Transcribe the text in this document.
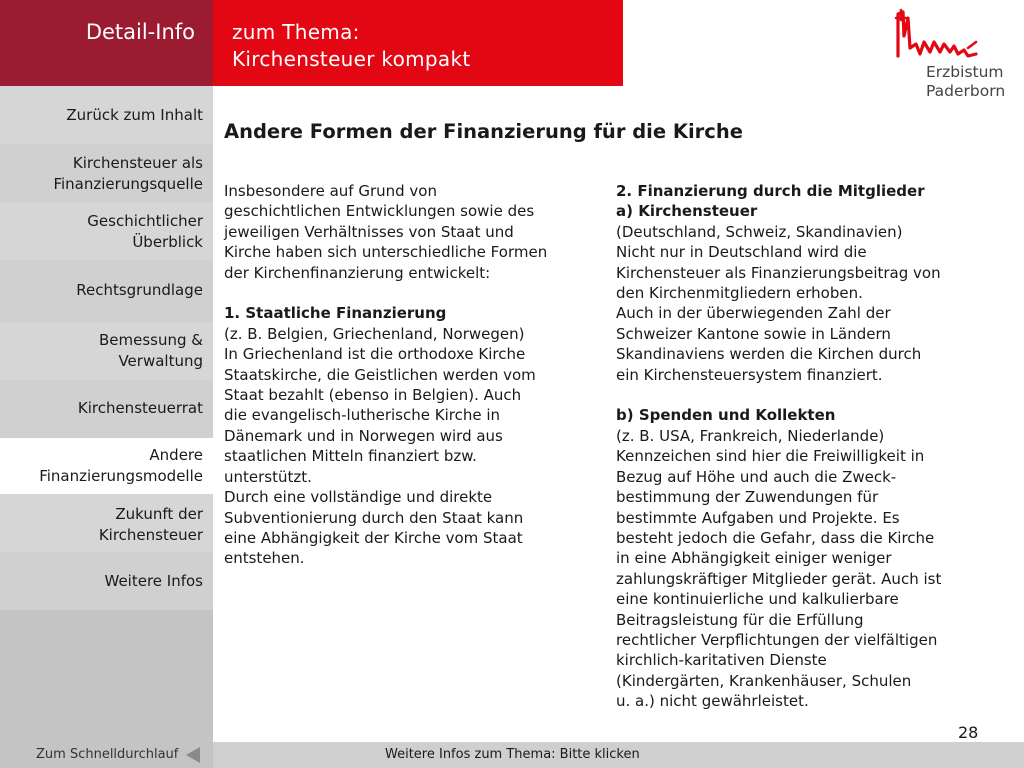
Detail-Info zum Thema:
Kirchensteuer kompakt
Erzbistum
Paderborn
Zurück zum Inhalt
Kirchensteuer als
Finanzierungsquelle
Geschichtlicher
Überblick
Rechtsgrundlage
Bemessung &
Verwaltung
Kirchensteuerrat
Andere
Finanzierungsmodelle
Zukunft der
Kirchensteuer
Weitere Infos
Andere Formen der Finanzierung für die Kirche
Insbesondere auf Grund von
geschichtlichen Entwicklungen sowie des
jeweiligen Verhältnisses von Staat und
Kirche haben sich unterschiedliche Formen
der Kirchenfinanzierung entwickelt:

1. Staatliche Finanzierung
(z. B. Belgien, Griechenland, Norwegen)
In Griechenland ist die orthodoxe Kirche
Staatskirche, die Geistlichen werden vom
Staat bezahlt (ebenso in Belgien). Auch
die evangelisch-lutherische Kirche in
Dänemark und in Norwegen wird aus
staatlichen Mitteln finanziert bzw.
unterstützt.
Durch eine vollständige und direkte
Subventionierung durch den Staat kann
eine Abhängigkeit der Kirche vom Staat
entstehen.
2. Finanzierung durch die Mitglieder
a) Kirchensteuer
(Deutschland, Schweiz, Skandinavien)
Nicht nur in Deutschland wird die
Kirchensteuer als Finanzierungsbeitrag von
den Kirchenmitgliedern erhoben.
Auch in der überwiegenden Zahl der
Schweizer Kantone sowie in Ländern
Skandinaviens werden die Kirchen durch
ein Kirchensteuersystem finanziert.

b) Spenden und Kollekten
(z. B. USA, Frankreich, Niederlande)
Kennzeichen sind hier die Freiwilligkeit in
Bezug auf Höhe und auch die Zweck-
bestimmung der Zuwendungen für
bestimmte Aufgaben und Projekte. Es
besteht jedoch die Gefahr, dass die Kirche
in eine Abhängigkeit einiger weniger
zahlungskräftiger Mitglieder gerät. Auch ist
eine kontinuierliche und kalkulierbare
Beitragsleistung für die Erfüllung
rechtlicher Verpflichtungen der vielfältigen
kirchlich-karitativen Dienste
(Kindergärten, Krankenhäuser, Schulen
u. a.) nicht gewährleistet.
28
Zum Schnelldurchlauf	Weitere Infos zum Thema: Bitte klicken
